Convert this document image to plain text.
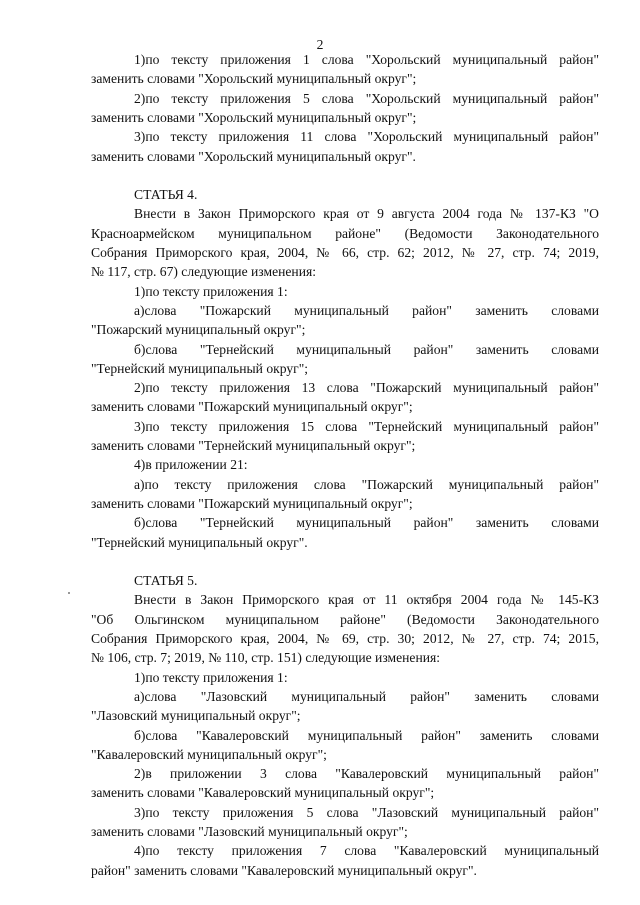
2
1)по тексту приложения 1 слова "Хорольский муниципальный район"
заменить словами "Хорольский муниципальный округ";
2)по тексту приложения 5 слова "Хорольский муниципальный район"
заменить словами "Хорольский муниципальный округ";
3)по тексту приложения 11 слова "Хорольский муниципальный район"
заменить словами "Хорольский муниципальный округ".
СТАТЬЯ 4.
Внести в Закон Приморского края от 9 августа 2004 года № 137-КЗ "О
Красноармейском муниципальном районе" (Ведомости Законодательного
Собрания Приморского края, 2004, № 66, стр. 62; 2012, № 27, стр. 74; 2019,
№ 117, стр. 67) следующие изменения:
1)по тексту приложения 1:
а)слова "Пожарский муниципальный район" заменить словами
"Пожарский муниципальный округ";
б)слова "Тернейский муниципальный район" заменить словами
"Тернейский муниципальный округ";
2)по тексту приложения 13 слова "Пожарский муниципальный район"
заменить словами "Пожарский муниципальный округ";
3)по тексту приложения 15 слова "Тернейский муниципальный район"
заменить словами "Тернейский муниципальный округ";
4)в приложении 21:
а)по тексту приложения слова "Пожарский муниципальный район"
заменить словами "Пожарский муниципальный округ";
б)слова "Тернейский муниципальный район" заменить словами
"Тернейский муниципальный округ".
СТАТЬЯ 5.
Внести в Закон Приморского края от 11 октября 2004 года № 145-КЗ
"Об Ольгинском муниципальном районе" (Ведомости Законодательного
Собрания Приморского края, 2004, № 69, стр. 30; 2012, № 27, стр. 74; 2015,
№ 106, стр. 7; 2019, № 110, стр. 151) следующие изменения:
1)по тексту приложения 1:
а)слова "Лазовский муниципальный район" заменить словами
"Лазовский муниципальный округ";
б)слова "Кавалеровский муниципальный район" заменить словами
"Кавалеровский муниципальный округ";
2)в приложении 3 слова "Кавалеровский муниципальный район"
заменить словами "Кавалеровский муниципальный округ";
3)по тексту приложения 5 слова "Лазовский муниципальный район"
заменить словами "Лазовский муниципальный округ";
4)по тексту приложения 7 слова "Кавалеровский муниципальный
район" заменить словами "Кавалеровский муниципальный округ".
